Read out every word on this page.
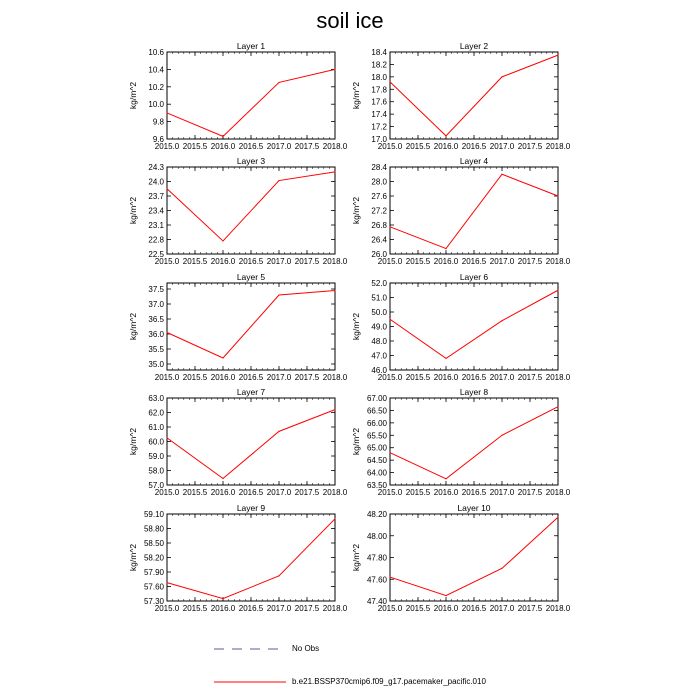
soil ice
Layer 1
kg/m^2
2015.0 2015.5 2016.0 2016.5 2017.0 2017.5 2018.0
9.6
9.8
10.0
10.2
10.4
10.6
Layer 2
kg/m^2
2015.0 2015.5 2016.0 2016.5 2017.0 2017.5 2018.0
17.0
17.2
17.4
17.6
17.8
18.0
18.2
18.4
Layer 3
kg/m^2
2015.0 2015.5 2016.0 2016.5 2017.0 2017.5 2018.0
22.5
22.8
23.1
23.4
23.7
24.0
24.3
Layer 4
kg/m^2
2015.0 2015.5 2016.0 2016.5 2017.0 2017.5 2018.0
26.0
26.4
26.8
27.2
27.6
28.0
28.4
Layer 5
kg/m^2
2015.0 2015.5 2016.0 2016.5 2017.0 2017.5 2018.0
35.0
35.5
36.0
36.5
37.0
37.5
Layer 6
kg/m^2
2015.0 2015.5 2016.0 2016.5 2017.0 2017.5 2018.0
46.0
47.0
48.0
49.0
50.0
51.0
52.0
Layer 7
kg/m^2
2015.0 2015.5 2016.0 2016.5 2017.0 2017.5 2018.0
57.0
58.0
59.0
60.0
61.0
62.0
63.0
Layer 8
kg/m^2
2015.0 2015.5 2016.0 2016.5 2017.0 2017.5 2018.0
63.50
64.00
64.50
65.00
65.50
66.00
66.50
67.00
Layer 9
kg/m^2
2015.0 2015.5 2016.0 2016.5 2017.0 2017.5 2018.0
57.30
57.60
57.90
58.20
58.50
58.80
59.10
Layer 10
kg/m^2
2015.0 2015.5 2016.0 2016.5 2017.0 2017.5 2018.0
47.40
47.60
47.80
48.00
48.20
No Obs
b.e21.BSSP370cmip6.f09_g17.pacemaker_pacific.010
